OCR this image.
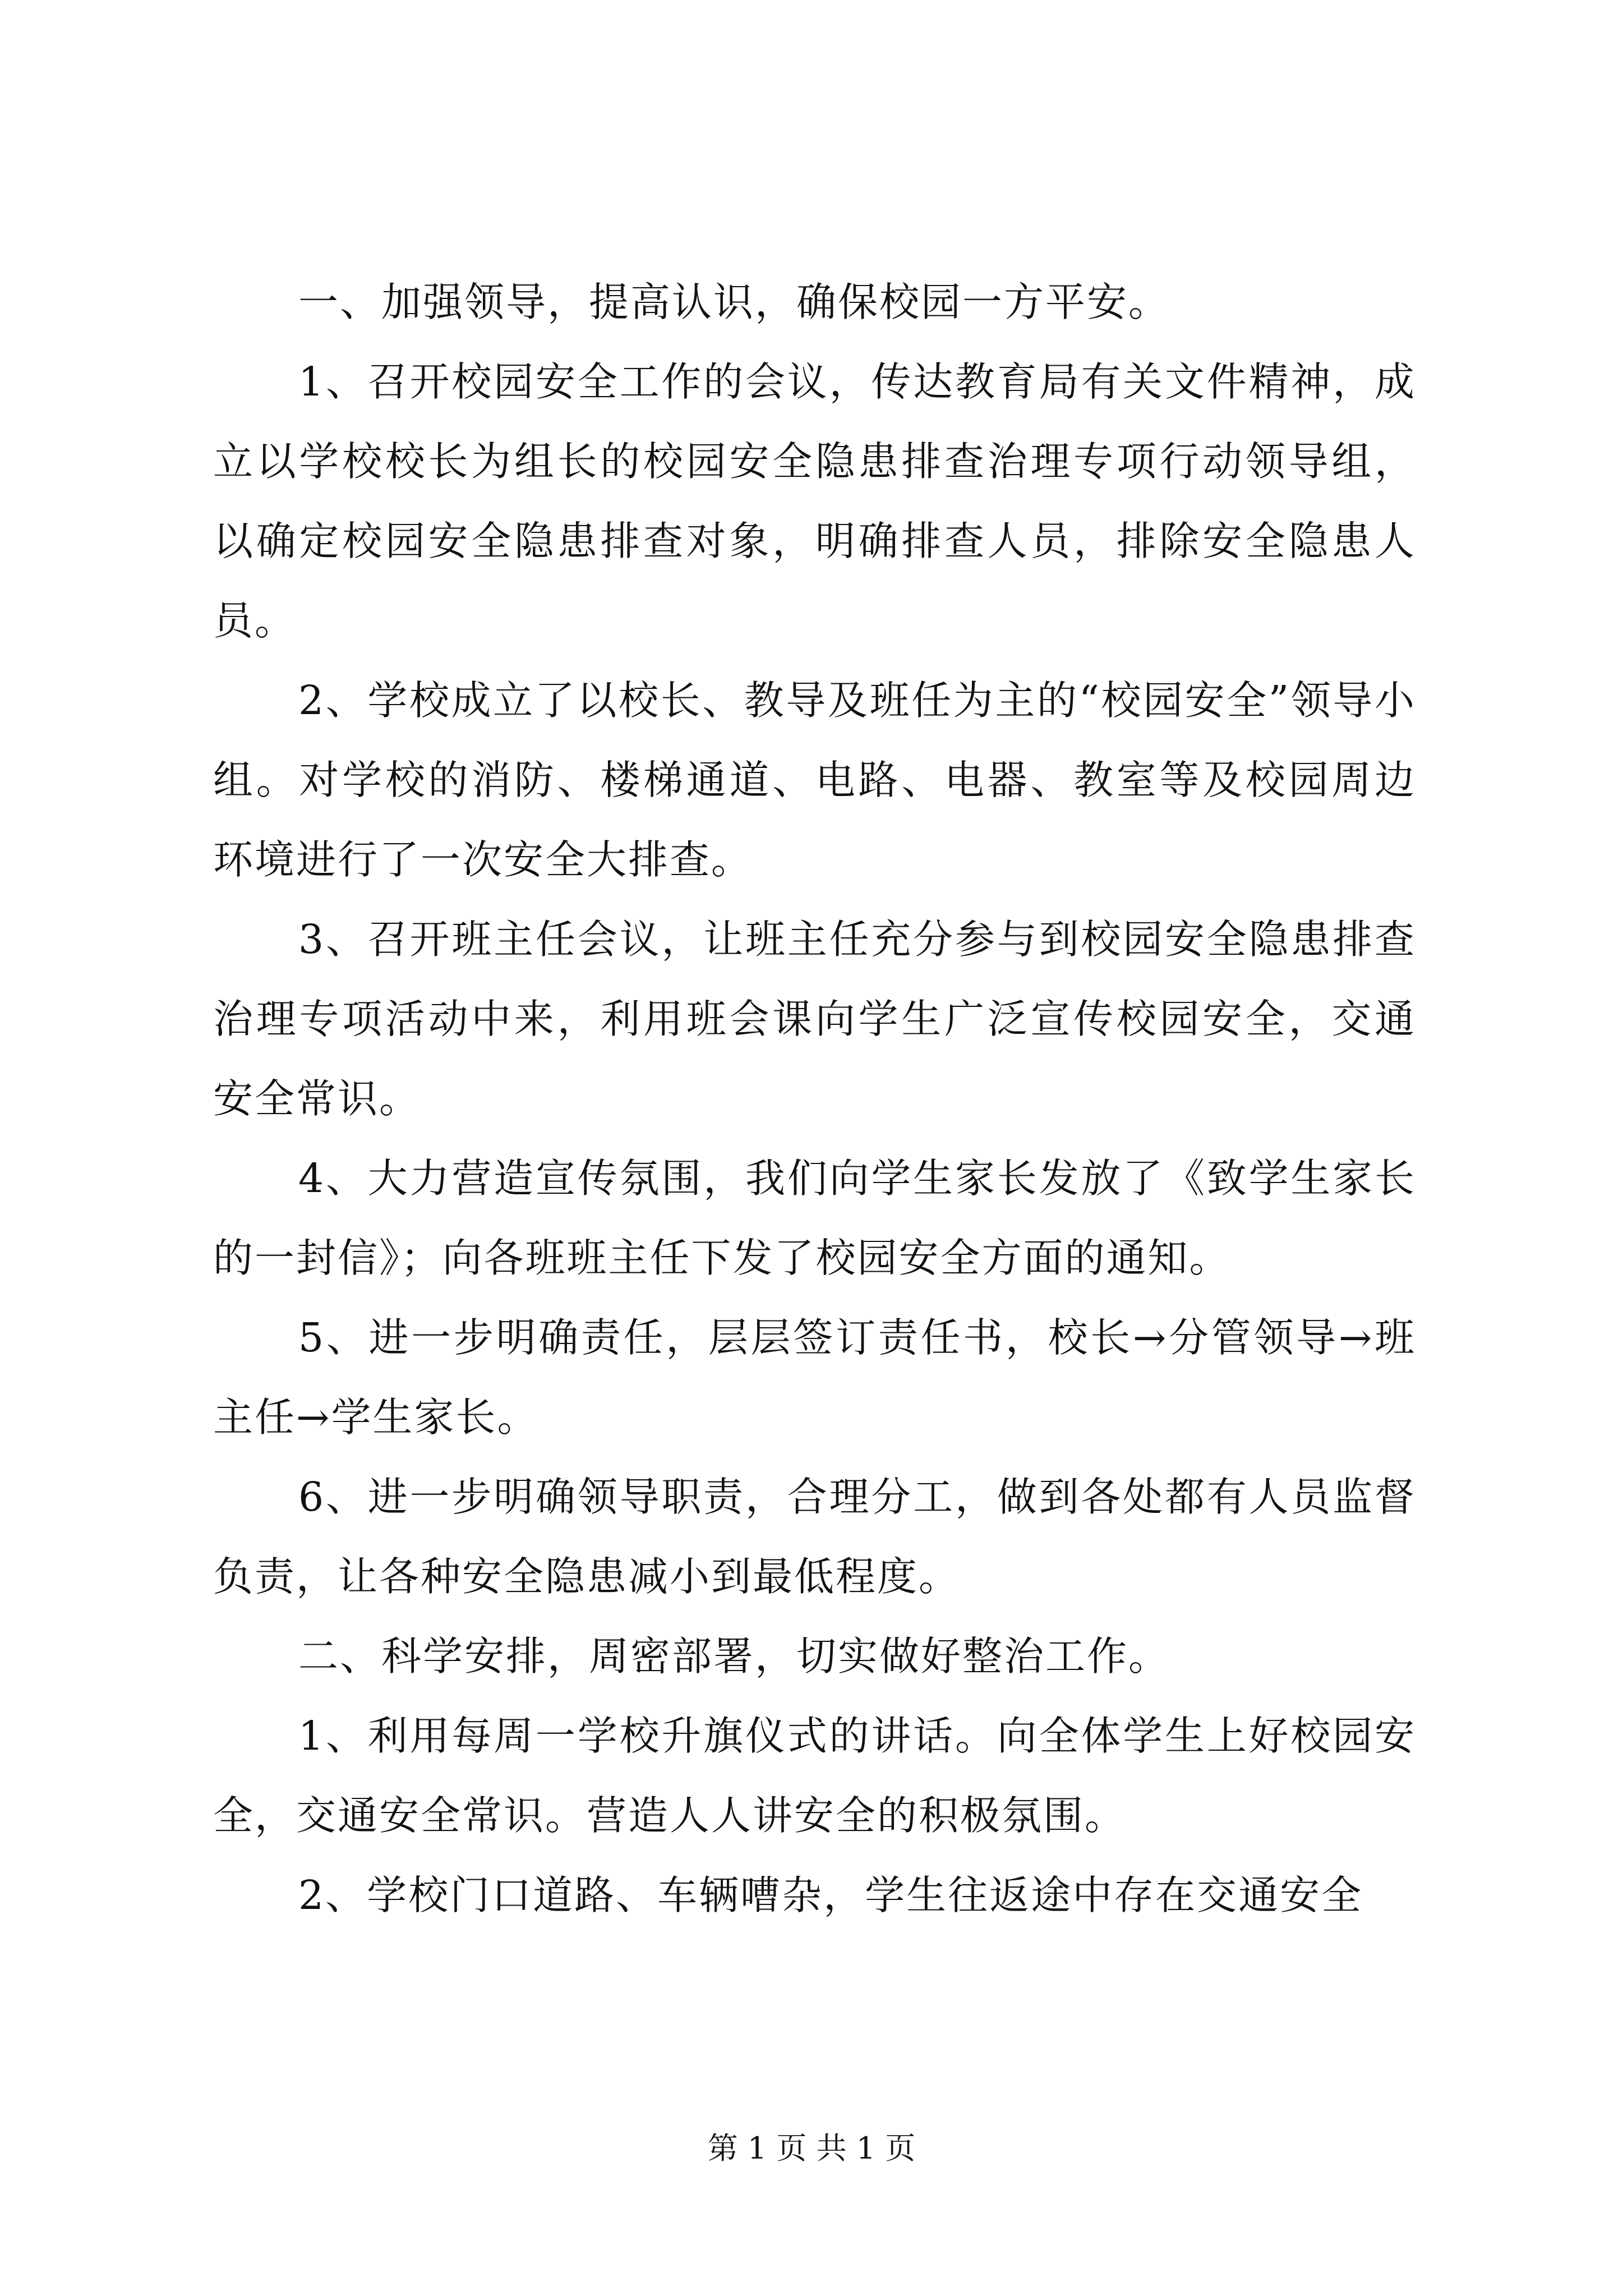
一、加强领导，提高认识，确保校园一方平安。

1、召开校园安全工作的会议，传达教育局有关文件精神，成立以学校校长为组长的校园安全隐患排查治理专项行动领导组，以确定校园安全隐患排查对象，明确排查人员，排除安全隐患人员。

2、学校成立了以校长、教导及班任为主的“校园安全”领导小组。对学校的消防、楼梯通道、电路、电器、教室等及校园周边环境进行了一次安全大排查。

3、召开班主任会议，让班主任充分参与到校园安全隐患排查治理专项活动中来，利用班会课向学生广泛宣传校园安全，交通安全常识。

4、大力营造宣传氛围，我们向学生家长发放了《致学生家长的一封信》；向各班班主任下发了校园安全方面的通知。

5、进一步明确责任，层层签订责任书，校长→分管领导→班主任→学生家长。

6、进一步明确领导职责，合理分工，做到各处都有人员监督负责，让各种安全隐患减小到最低程度。

二、科学安排，周密部署，切实做好整治工作。

1、利用每周一学校升旗仪式的讲话。向全体学生上好校园安全，交通安全常识。营造人人讲安全的积极氛围。

2、学校门口道路、车辆嘈杂，学生往返途中存在交通安全

第 1 页 共 1 页
